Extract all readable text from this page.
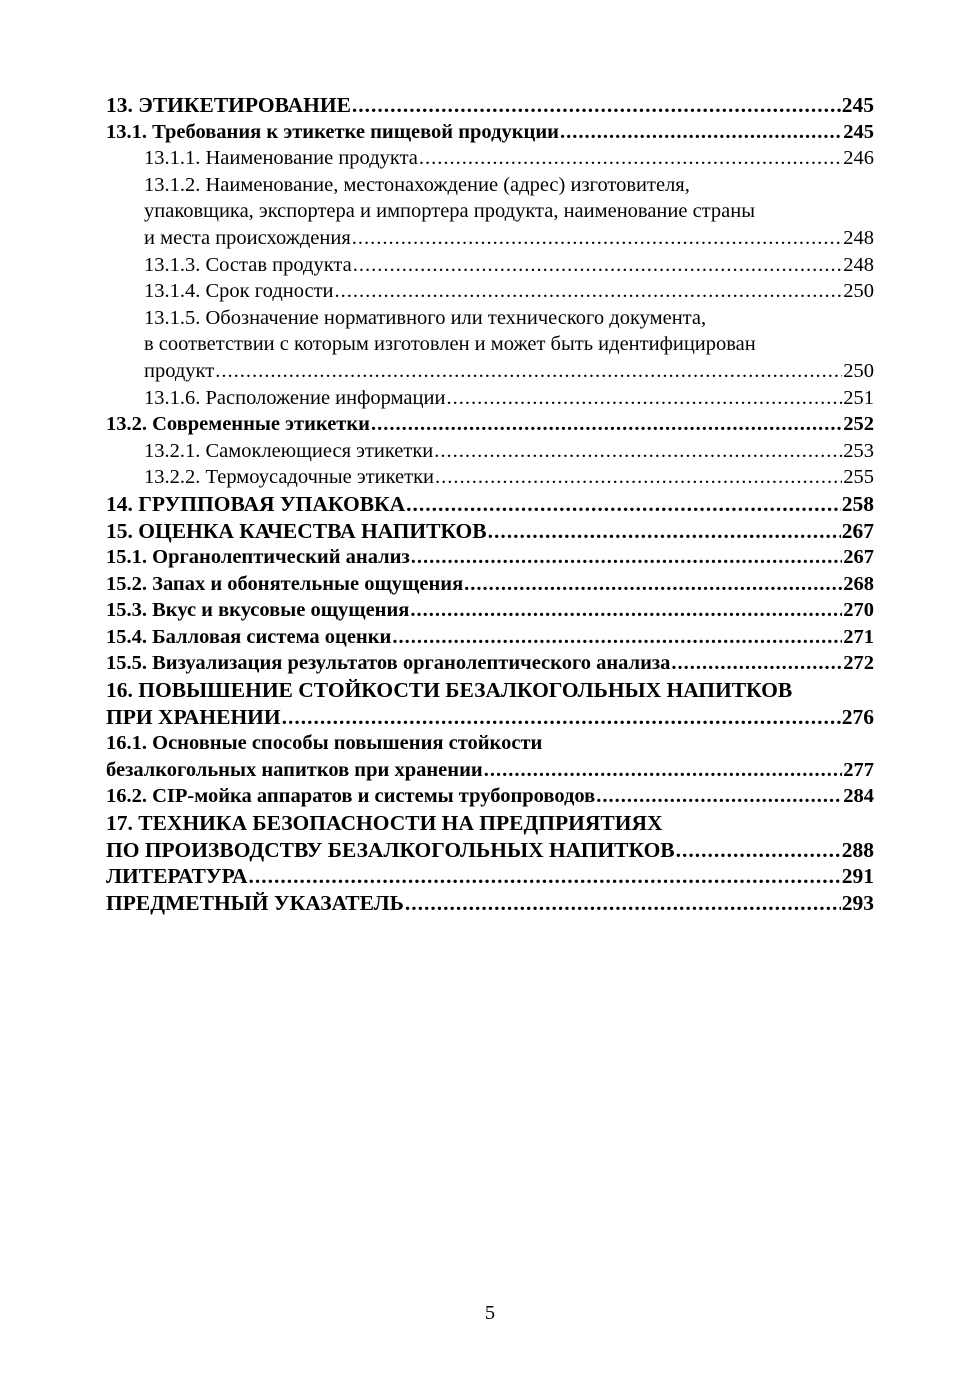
13. ЭТИКЕТИРОВАНИЕ .....	245
13.1. Требования к этикетке пищевой продукции .....	245
13.1.1. Наименование продукта .....	246
13.1.2. Наименование, местонахождение (адрес) изготовителя,
упаковщика, экспортера и импортера продукта, наименование страны
и места происхождения .....	248
13.1.3. Состав продукта .....	248
13.1.4. Срок годности .....	250
13.1.5. Обозначение нормативного или технического документа,
в соответствии с которым изготовлен и может быть идентифицирован
продукт .....	250
13.1.6. Расположение информации .....	251
13.2. Современные этикетки .....	252
13.2.1. Самоклеющиеся этикетки .....	253
13.2.2. Термоусадочные этикетки .....	255
14. ГРУППОВАЯ УПАКОВКА .....	258
15. ОЦЕНКА КАЧЕСТВА НАПИТКОВ .....	267
15.1. Органолептический анализ .....	267
15.2. Запах и обонятельные ощущения .....	268
15.3. Вкус и вкусовые ощущения .....	270
15.4. Балловая система оценки .....	271
15.5. Визуализация результатов органолептического анализа .....	272
16. ПОВЫШЕНИЕ СТОЙКОСТИ БЕЗАЛКОГОЛЬНЫХ НАПИТКОВ
ПРИ ХРАНЕНИИ .....	276
16.1. Основные способы повышения стойкости
безалкогольных напитков при хранении .....	277
16.2. CIP-мойка аппаратов и системы трубопроводов .....	284
17. ТЕХНИКА БЕЗОПАСНОСТИ НА ПРЕДПРИЯТИЯХ
ПО ПРОИЗВОДСТВУ БЕЗАЛКОГОЛЬНЫХ НАПИТКОВ .....	288
ЛИТЕРАТУРА .....	291
ПРЕДМЕТНЫЙ УКАЗАТЕЛЬ .....	293
5
